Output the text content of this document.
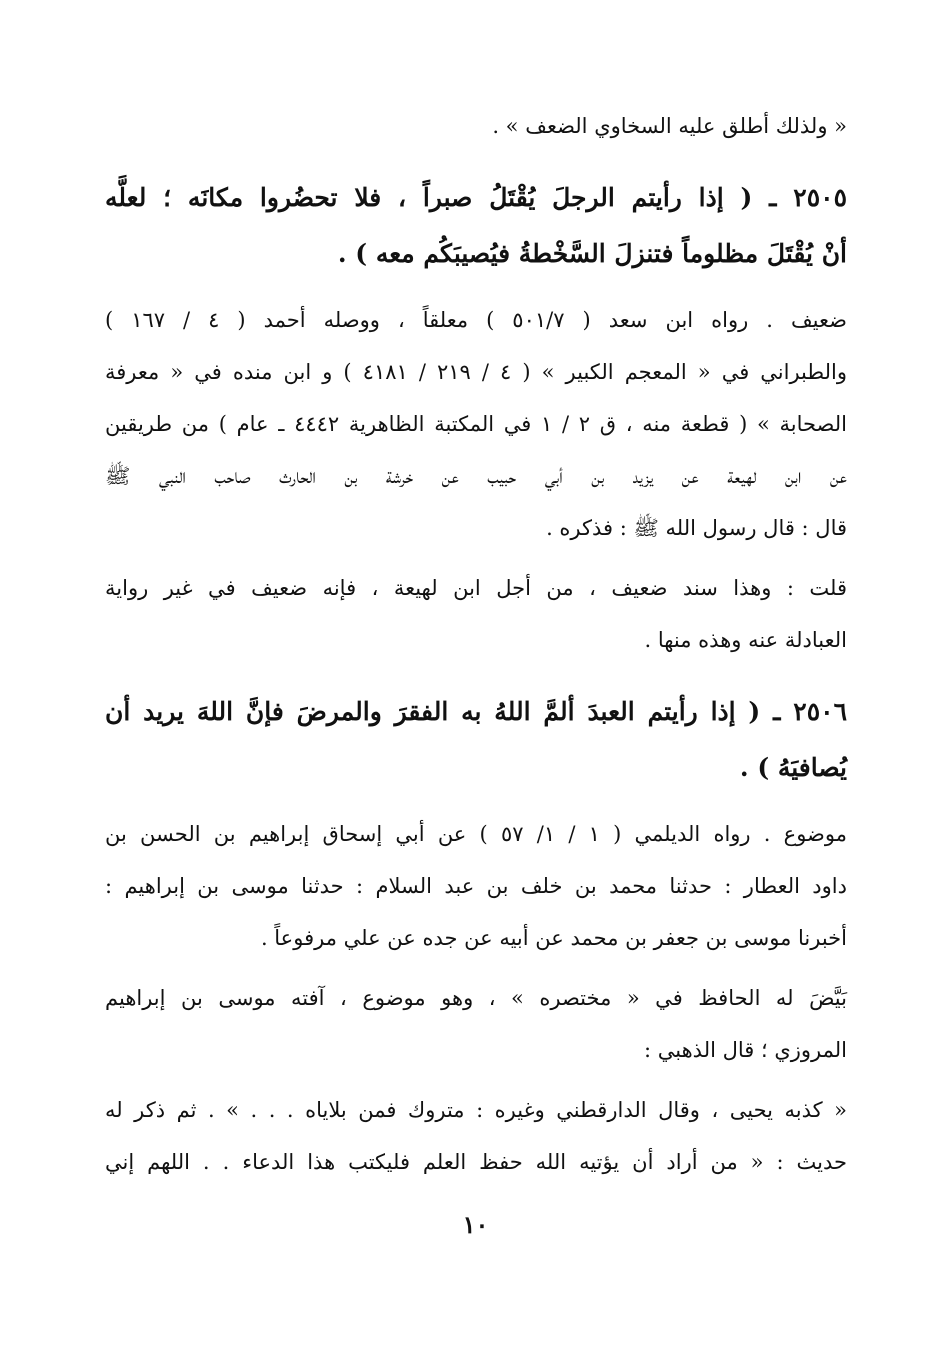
« ولذلك أطلق عليه السخاوي الضعف » .
٢٥٠٥ ـ ( إذا رأيتم الرجلَ يُقْتَلُ صبراً ، فلا تحضُروا مكانَه ؛ لعلَّه
أنْ يُقْتَلَ مظلوماً فتنزلَ السَّخْطةُ فيُصيبَكُم معه ) .
ضعيف . رواه ابن سعد ( ٥٠١/٧ ) معلقاً ، ووصله أحمد ( ٤ / ١٦٧ )
والطبراني في « المعجم الكبير » ( ٤ / ٢١٩ / ٤١٨١ ) و ابن منده في « معرفة
الصحابة » ( قطعة منه ، ق ٢ / ١ في المكتبة الظاهرية ٤٤٤٢ ـ عام ) من طريقين
عن ابن لهيعة عن يزيد بن أبي حبيب عن خرشة بن الحارث صاحب النبي ﷺ
قال : قال رسول الله ﷺ : فذكره .
قلت : وهذا سند ضعيف ، من أجل ابن لهيعة ، فإنه ضعيف في غير رواية
العبادلة عنه وهذه منها .
٢٥٠٦ ـ ( إذا رأيتم العبدَ ألمَّ اللهُ به الفقرَ والمرضَ فإنَّ اللهَ يريد أن
يُصافيَهُ ) .
موضوع . رواه الديلمي ( ١ / ١/ ٥٧ ) عن أبي إسحاق إبراهيم بن الحسن بن
داود العطار : حدثنا محمد بن خلف بن عبد السلام : حدثنا موسى بن إبراهيم :
أخبرنا موسى بن جعفر بن محمد عن أبيه عن جده عن علي مرفوعاً .
بَيَّضَ له الحافظ في « مختصره » ، وهو موضوع ، آفته موسى بن إبراهيم
المروزي ؛ قال الذهبي :
« كذبه يحيى ، وقال الدارقطني وغيره : متروك فمن بلاياه . . . » . ثم ذكر له
حديث : « من أراد أن يؤتيه الله حفظ العلم فليكتب هذا الدعاء . . اللهم إني
١٠
